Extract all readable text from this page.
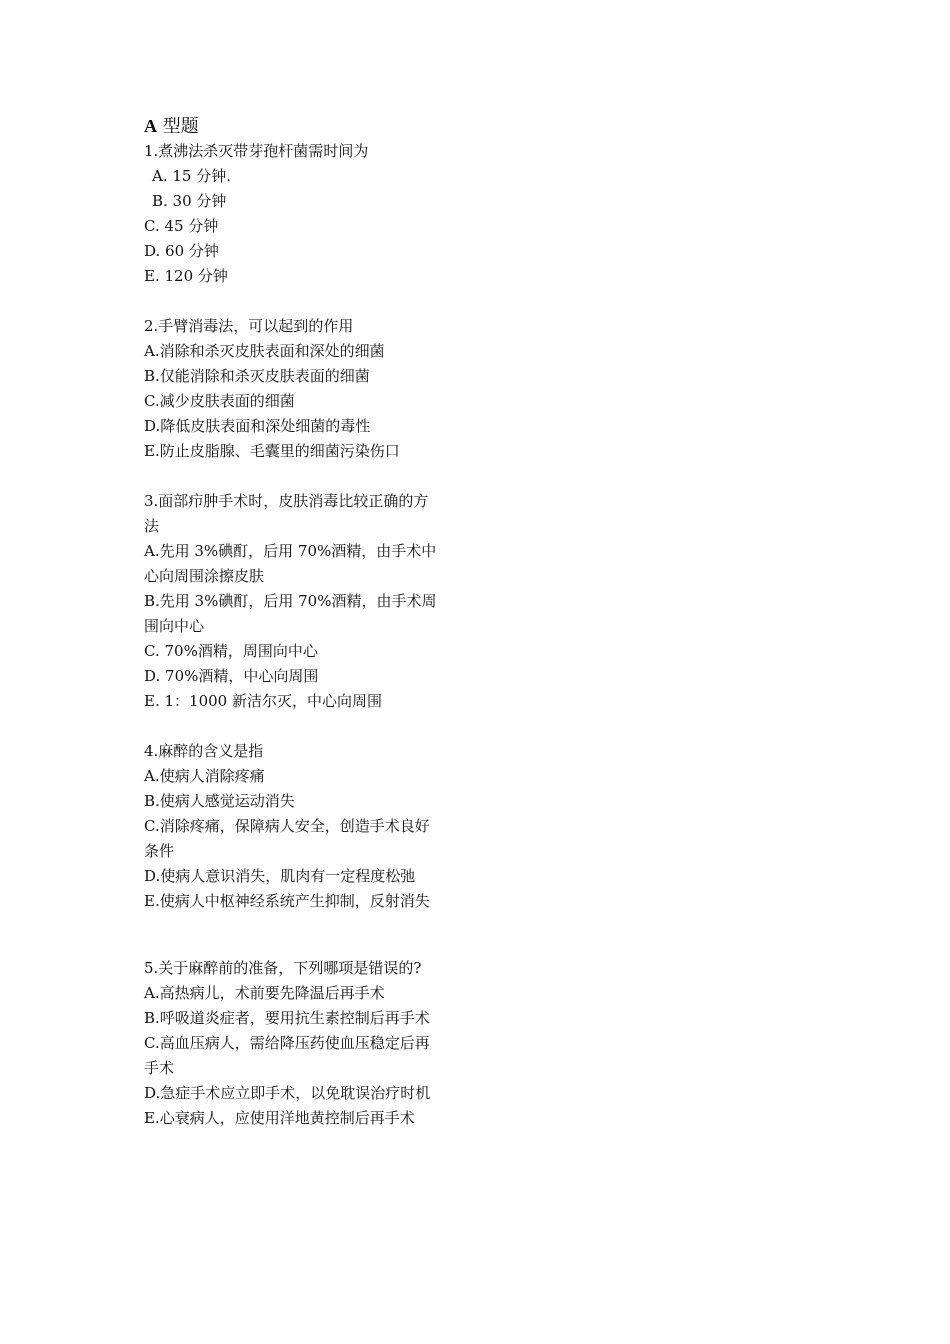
A 型题

1.煮沸法杀灭带芽孢杆菌需时间为

A. 15 分钟.

B. 30 分钟

C. 45 分钟

D. 60 分钟

E. 120 分钟

2.手臂消毒法，可以起到的作用

A.消除和杀灭皮肤表面和深处的细菌

B.仅能消除和杀灭皮肤表面的细菌

C.减少皮肤表面的细菌

D.降低皮肤表面和深处细菌的毒性

E.防止皮脂腺、毛囊里的细菌污染伤口

3.面部疖肿手术时，皮肤消毒比较正确的方

法

A.先用 3%碘酊，后用 70%酒精，由手术中

心向周围涂擦皮肤

B.先用 3%碘酊，后用 70%酒精，由手术周

围向中心

C. 70%酒精，周围向中心

D. 70%酒精，中心向周围

E. 1：1000 新洁尔灭，中心向周围

4.麻醉的含义是指

A.使病人消除疼痛

B.使病人感觉运动消失

C.消除疼痛，保障病人安全，创造手术良好

条件

D.使病人意识消失，肌肉有一定程度松弛

E.使病人中枢神经系统产生抑制，反射消失

5.关于麻醉前的准备，下列哪项是错误的?

A.高热病儿，术前要先降温后再手术

B.呼吸道炎症者，要用抗生素控制后再手术

C.高血压病人，需给降压药使血压稳定后再

手术

D.急症手术应立即手术，以免耽误治疗时机

E.心衰病人，应使用洋地黄控制后再手术
